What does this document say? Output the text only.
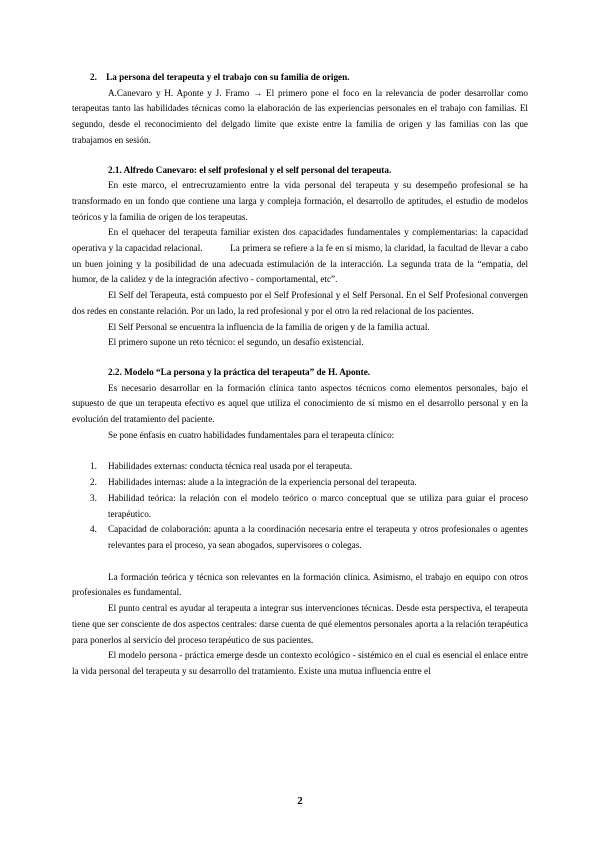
2. La persona del terapeuta y el trabajo con su familia de origen.

A.Canevaro y H. Aponte y J. Framo → El primero pone el foco en la relevancia de poder desarrollar como terapeutas tanto las habilidades técnicas como la elaboración de las experiencias personales en el trabajo con familias. El segundo, desde el reconocimiento del delgado límite que existe entre la familia de origen y las familias con las que trabajamos en sesión.

2.1. Alfredo Canevaro: el self profesional y el self personal del terapeuta.

En este marco, el entrecruzamiento entre la vida personal del terapeuta y su desempeño profesional se ha transformado en un fondo que contiene una larga y compleja formación, el desarrollo de aptitudes, el estudio de modelos teóricos y la familia de origen de los terapeutas.

En el quehacer del terapeuta familiar existen dos capacidades fundamentales y complementarias: la capacidad operativa y la capacidad relacional.   La primera se refiere a la fe en sí mismo, la claridad, la facultad de llevar a cabo un buen joining y la posibilidad de una adecuada estimulación de la interacción. La segunda trata de la “empatía, del humor, de la calidez y de la integración afectivo - comportamental, etc”.

El Self del Terapeuta, está compuesto por el Self Profesional y el Self Personal. En el Self Profesional convergen dos redes en constante relación. Por un lado, la red profesional y por el otro la red relacional de los pacientes.

El Self Personal se encuentra la influencia de la familia de origen y de la familia actual.

El primero supone un reto técnico: el segundo, un desafío existencial.

2.2. Modelo “La persona y la práctica del terapeuta” de H. Aponte.

Es necesario desarrollar en la formación clínica tanto aspectos técnicos como elementos personales, bajo el supuesto de que un terapeuta efectivo es aquel que utiliza el conocimiento de sí mismo en el desarrollo personal y en la evolución del tratamiento del paciente.

Se pone énfasis en cuatro habilidades fundamentales para el terapeuta clínico:

1. Habilidades externas: conducta técnica real usada por el terapeuta.
2. Habilidades internas: alude a la integración de la experiencia personal del terapeuta.
3. Habilidad teórica: la relación con el modelo teórico o marco conceptual que se utiliza para guiar el proceso terapéutico.
4. Capacidad de colaboración: apunta a la coordinación necesaria entre el terapeuta y otros profesionales o agentes relevantes para el proceso, ya sean abogados, supervisores o colegas.

La formación teórica y técnica son relevantes en la formación clínica. Asimismo, el trabajo en equipo con otros profesionales es fundamental.

El punto central es ayudar al terapeuta a integrar sus intervenciones técnicas. Desde esta perspectiva, el terapeuta tiene que ser consciente de dos aspectos centrales: darse cuenta de qué elementos personales aporta a la relación terapéutica para ponerlos al servicio del proceso terapéutico de sus pacientes.

El modelo persona - práctica emerge desde un contexto ecológico - sistémico en el cual es esencial el enlace entre la vida personal del terapeuta y su desarrollo del tratamiento. Existe una mutua influencia entre el

2
